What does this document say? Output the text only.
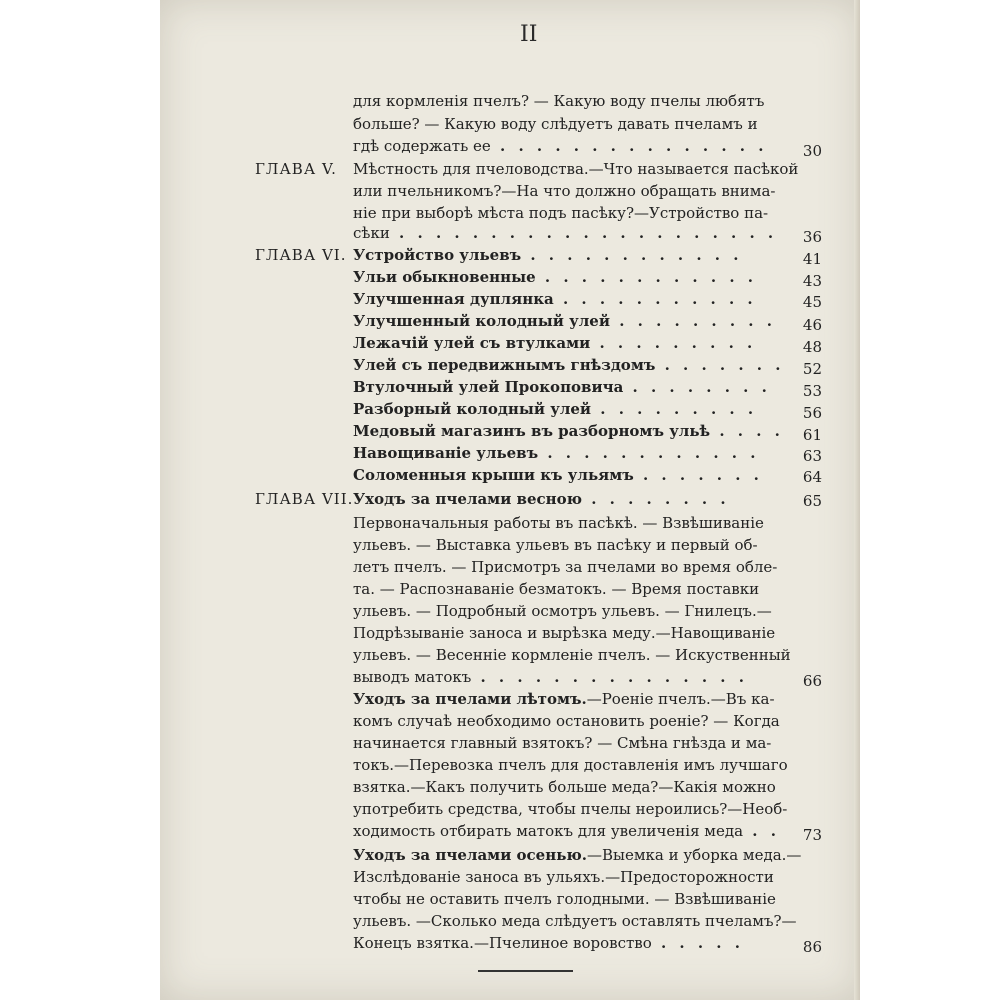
II
для кормленія пчелъ? — Какую воду пчелы любятъ
больше? — Какую воду слѣдуетъ давать пчеламъ и
гдѣ содержать ее . . . . . . . . . . . . . . .	30
ГЛАВА V. Мѣстность для пчеловодства.—Что называется пасѣкой
или пчельникомъ?—На что должно обращать внима-
ніе при выборѣ мѣста подъ пасѣку?—Устройство па-
сѣки . . . . . . . . . . . . . . . . . . . . .	36
ГЛАВА VI. Устройство ульевъ . . . . . . . . . . . .	41
Ульи обыкновенные . . . . . . . . . . . .	43
Улучшенная дуплянка . . . . . . . . . . .	45
Улучшенный колодный улей . . . . . . . . .	46
Лежачій улей съ втулками . . . . . . . . .	48
Улей съ передвижнымъ гнѣздомъ . . . . . . .	52
Втулочный улей Прокоповича . . . . . . . .	53
Разборный колодный улей . . . . . . . . .	56
Медовый магазинъ въ разборномъ ульѣ . . . .	61
Навощиваніе ульевъ . . . . . . . . . . . .	63
Соломенныя крыши къ ульямъ . . . . . . .	64
ГЛАВА VII. Уходъ за пчелами весною . . . . . . . .	65
Первоначальныя работы въ пасѣкѣ. — Взвѣшиваніе
ульевъ. — Выставка ульевъ въ пасѣку и первый об-
летъ пчелъ. — Присмотръ за пчелами во время обле-
та. — Распознаваніе безматокъ. — Время поставки
ульевъ. — Подробный осмотръ ульевъ. — Гнилецъ.—
Подрѣзываніе заноса и вырѣзка меду.—Навощиваніе
ульевъ. — Весенніе кормленіе пчелъ. — Искуственный
выводъ матокъ . . . . . . . . . . . . . . .	66
Уходъ за пчелами лѣтомъ.—Роеніе пчелъ.—Въ ка-
комъ случаѣ необходимо остановить роеніе? — Когда
начинается главный взятокъ? — Смѣна гнѣзда и ма-
токъ.—Перевозка пчелъ для доставленія имъ лучшаго
взятка.—Какъ получить больше меда?—Какія можно
употребить средства, чтобы пчелы нероились?—Необ-
ходимость отбирать матокъ для увеличенія меда . .	73
Уходъ за пчелами осенью.—Выемка и уборка меда.—
Изслѣдованіе заноса въ ульяхъ.—Предосторожности
чтобы не оставить пчелъ голодными. — Взвѣшиваніе
ульевъ. —Сколько меда слѣдуетъ оставлять пчеламъ?—
Конецъ взятка.—Пчелиное воровство . . . . .	86
